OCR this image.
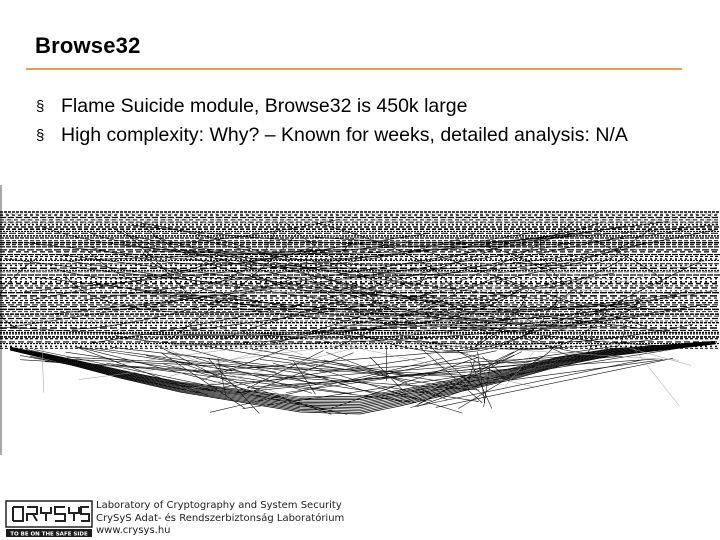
Browse32
§ Flame Suicide module, Browse32 is 450k large
§ High complexity: Why? – Known for weeks, detailed analysis: N/A
TO BE ON THE SAFE SIDE
Laboratory of Cryptography and System Security
CrySyS Adat- és Rendszerbiztonság Laboratórium
www.crysys.hu
